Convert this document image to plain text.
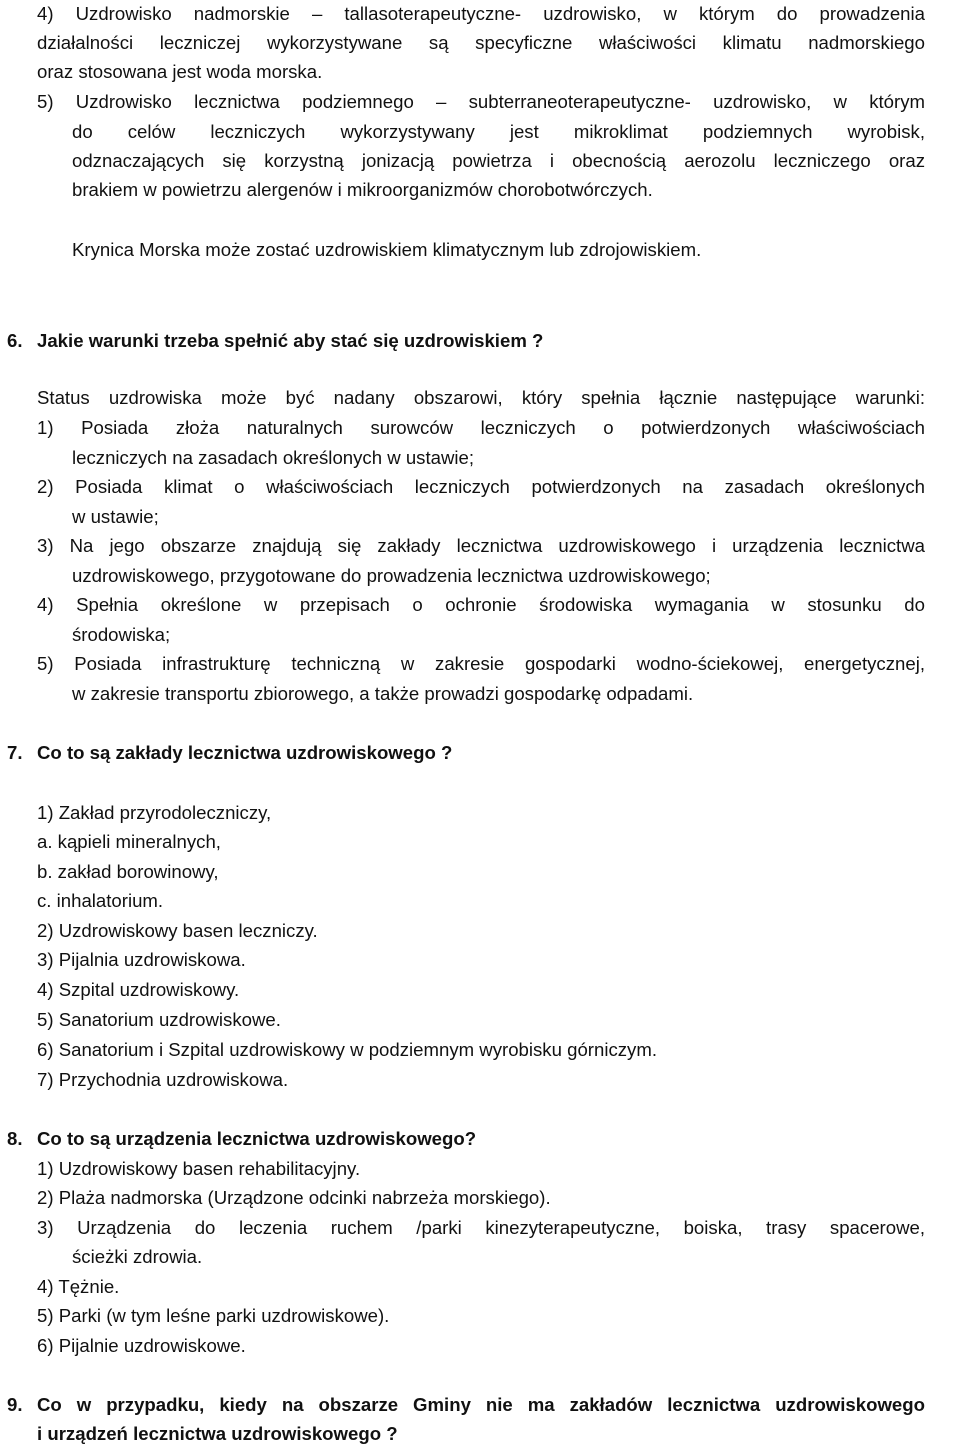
4) Uzdrowisko nadmorskie – tallasoterapeutyczne- uzdrowisko, w którym do prowadzenia

działalności leczniczej wykorzystywane są specyficzne właściwości klimatu nadmorskiego

oraz stosowana jest woda morska.

5) Uzdrowisko lecznictwa podziemnego – subterraneoterapeutyczne- uzdrowisko, w którym

do celów leczniczych wykorzystywany jest mikroklimat podziemnych wyrobisk,

odznaczających się korzystną jonizacją powietrza i obecnością aerozolu leczniczego oraz

brakiem w powietrzu alergenów i mikroorganizmów chorobotwórczych.

Krynica Morska może zostać uzdrowiskiem klimatycznym lub zdrojowiskiem.

6. Jakie warunki trzeba spełnić aby stać się uzdrowiskiem ?

Status uzdrowiska może być nadany obszarowi, który spełnia łącznie następujące warunki:

1) Posiada złoża naturalnych surowców leczniczych o potwierdzonych właściwościach

leczniczych na zasadach określonych w ustawie;

2) Posiada klimat o właściwościach leczniczych potwierdzonych na zasadach określonych

w ustawie;

3) Na jego obszarze znajdują się zakłady lecznictwa uzdrowiskowego i urządzenia lecznictwa

uzdrowiskowego, przygotowane do prowadzenia lecznictwa uzdrowiskowego;

4) Spełnia określone w przepisach o ochronie środowiska wymagania w stosunku do

środowiska;

5) Posiada infrastrukturę techniczną w zakresie gospodarki wodno-ściekowej, energetycznej,

w zakresie transportu zbiorowego, a także prowadzi gospodarkę odpadami.

7. Co to są zakłady lecznictwa uzdrowiskowego ?

1) Zakład przyrodoleczniczy,

a. kąpieli mineralnych,

b. zakład borowinowy,

c. inhalatorium.

2) Uzdrowiskowy basen leczniczy.

3) Pijalnia uzdrowiskowa.

4) Szpital uzdrowiskowy.

5) Sanatorium uzdrowiskowe.

6) Sanatorium i Szpital uzdrowiskowy w podziemnym wyrobisku górniczym.

7) Przychodnia uzdrowiskowa.

8. Co to są urządzenia lecznictwa uzdrowiskowego?

1) Uzdrowiskowy basen rehabilitacyjny.

2) Plaża nadmorska (Urządzone odcinki nabrzeża morskiego).

3) Urządzenia do leczenia ruchem /parki kinezyterapeutyczne, boiska, trasy spacerowe,

ścieżki zdrowia.

4) Tężnie.

5) Parki (w tym leśne parki uzdrowiskowe).

6) Pijalnie uzdrowiskowe.

9. Co w przypadku, kiedy na obszarze Gminy nie ma zakładów lecznictwa uzdrowiskowego

i urządzeń lecznictwa uzdrowiskowego ?
